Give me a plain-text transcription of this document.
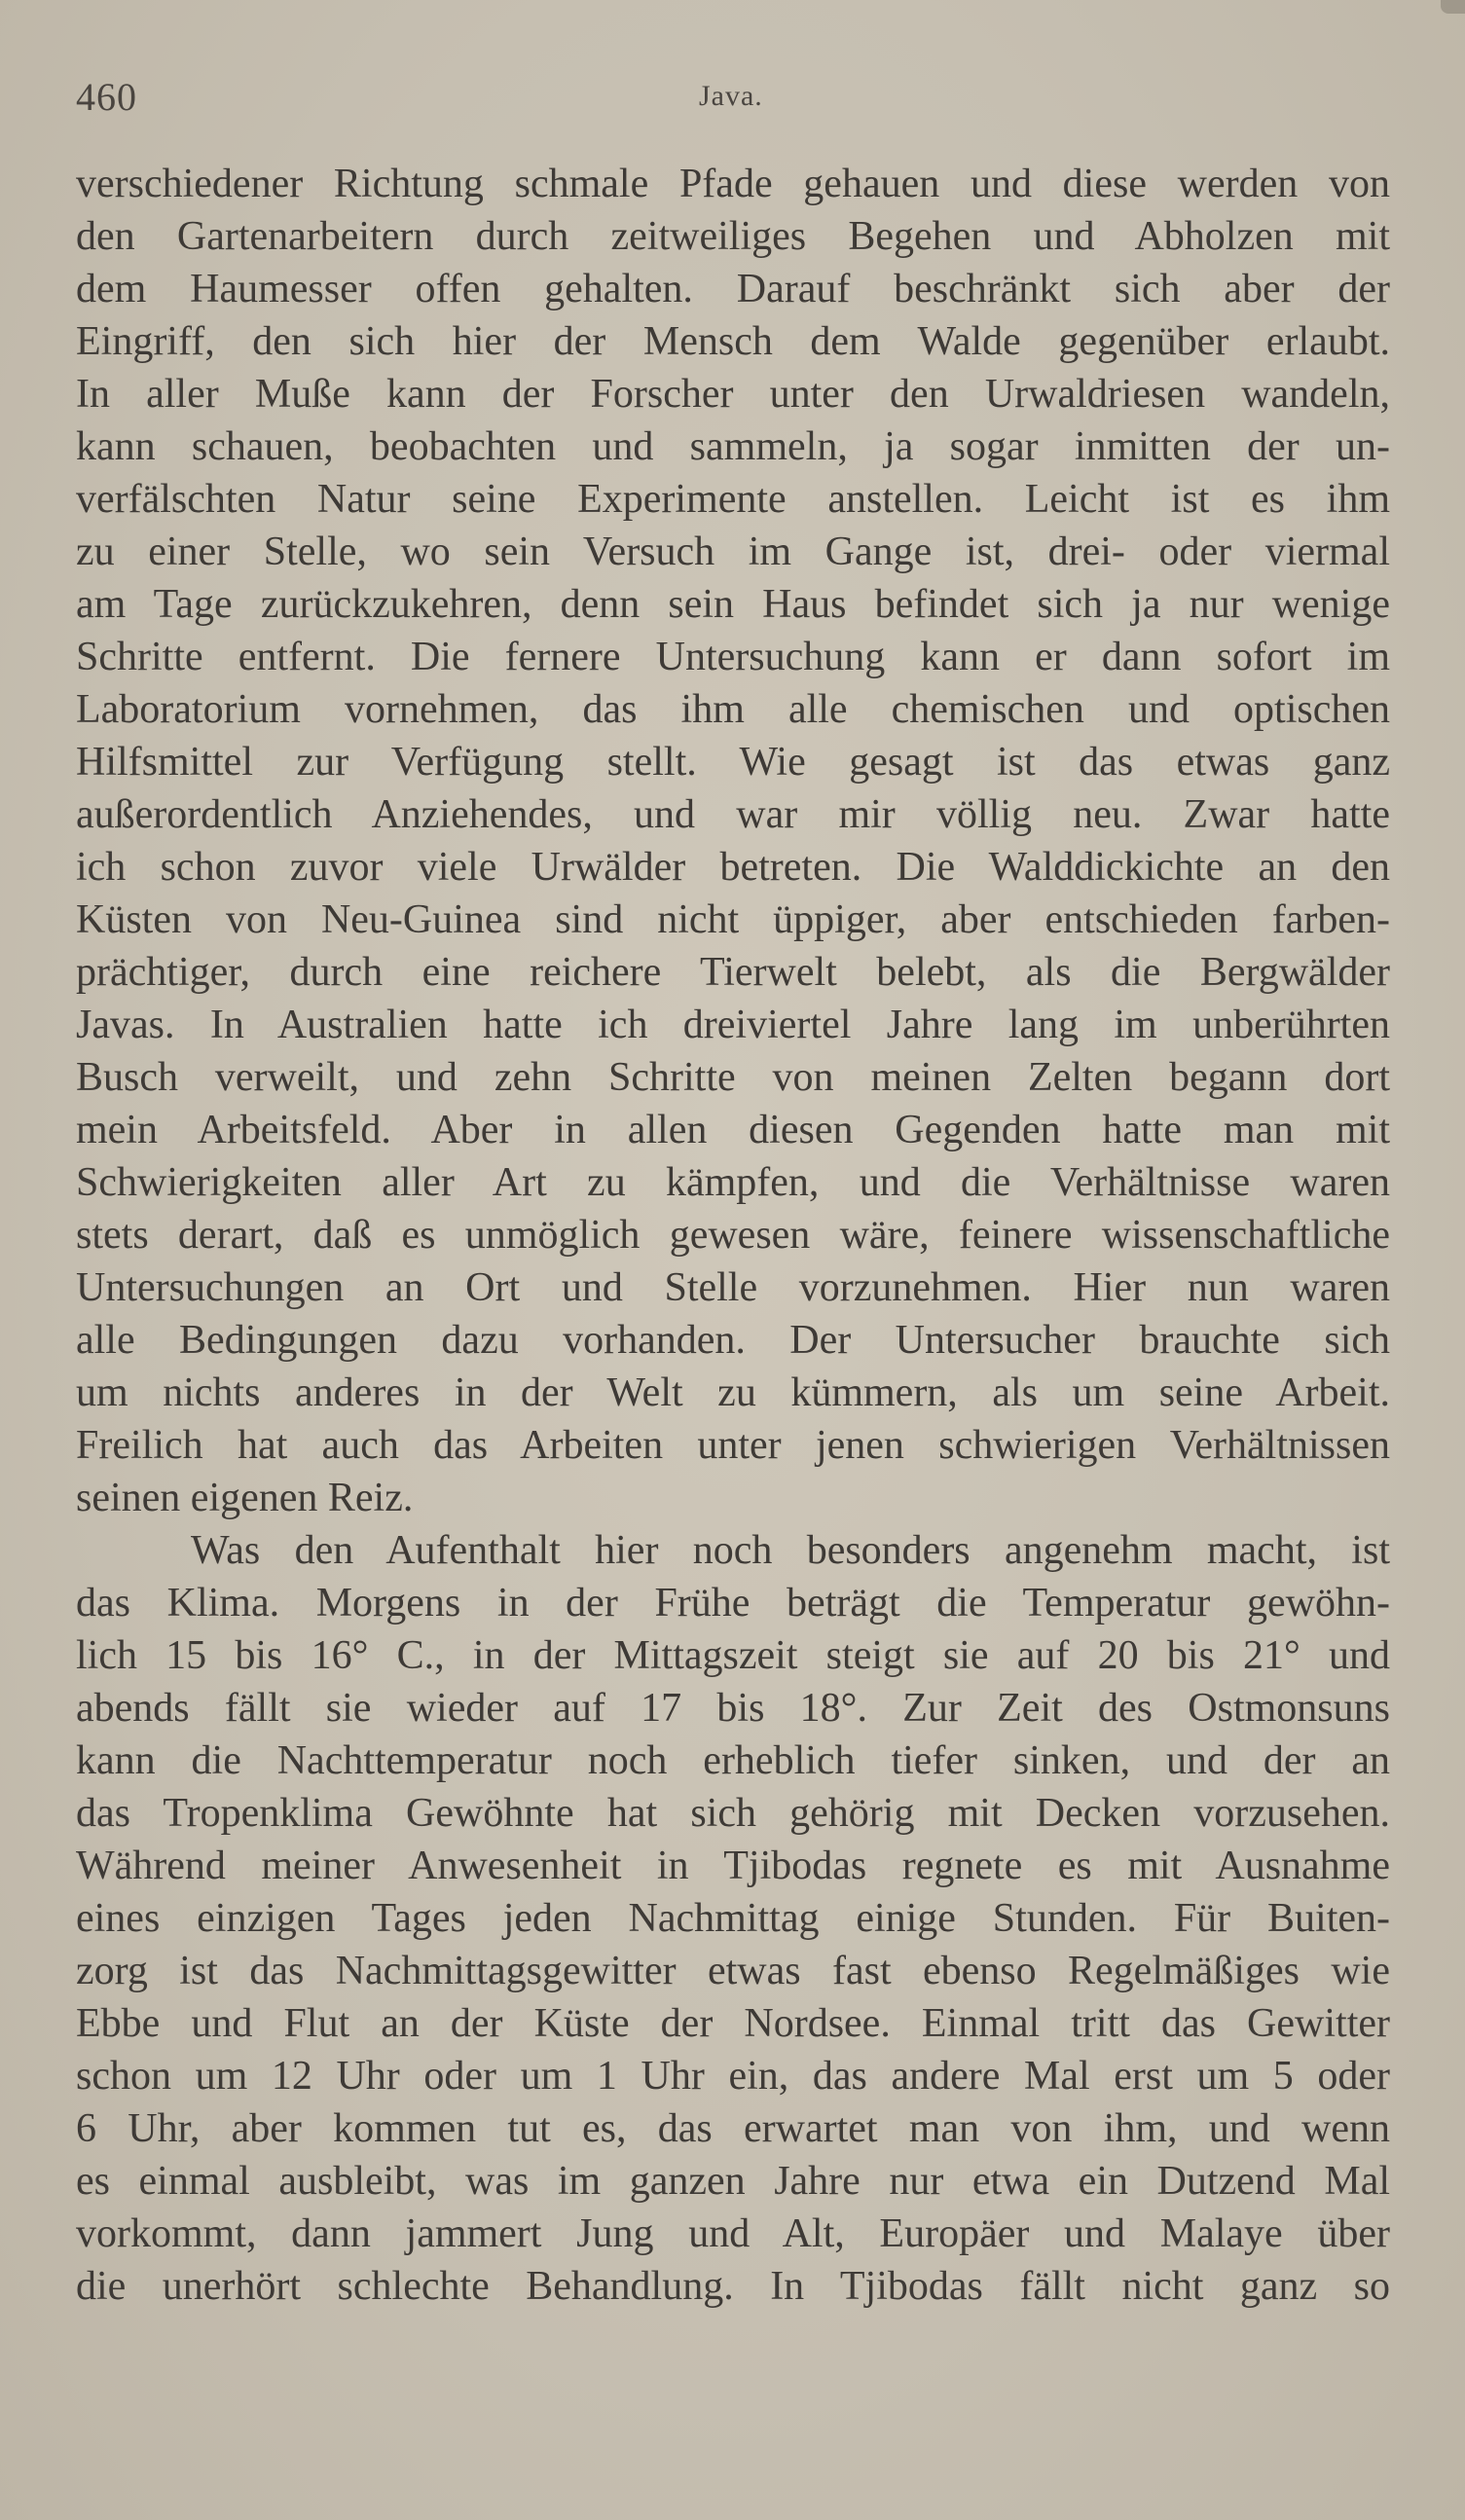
460	Java.
verschiedener Richtung schmale Pfade gehauen und diese werden von
den Gartenarbeitern durch zeitweiliges Begehen und Abholzen mit
dem Haumesser offen gehalten. Darauf beschränkt sich aber der
Eingriff, den sich hier der Mensch dem Walde gegenüber erlaubt.
In aller Muße kann der Forscher unter den Urwaldriesen wandeln,
kann schauen, beobachten und sammeln, ja sogar inmitten der un-
verfälschten Natur seine Experimente anstellen. Leicht ist es ihm
zu einer Stelle, wo sein Versuch im Gange ist, drei- oder viermal
am Tage zurückzukehren, denn sein Haus befindet sich ja nur wenige
Schritte entfernt. Die fernere Untersuchung kann er dann sofort im
Laboratorium vornehmen, das ihm alle chemischen und optischen
Hilfsmittel zur Verfügung stellt. Wie gesagt ist das etwas ganz
außerordentlich Anziehendes, und war mir völlig neu. Zwar hatte
ich schon zuvor viele Urwälder betreten. Die Walddickichte an den
Küsten von Neu-Guinea sind nicht üppiger, aber entschieden farben-
prächtiger, durch eine reichere Tierwelt belebt, als die Bergwälder
Javas. In Australien hatte ich dreiviertel Jahre lang im unberührten
Busch verweilt, und zehn Schritte von meinen Zelten begann dort
mein Arbeitsfeld. Aber in allen diesen Gegenden hatte man mit
Schwierigkeiten aller Art zu kämpfen, und die Verhältnisse waren
stets derart, daß es unmöglich gewesen wäre, feinere wissenschaftliche
Untersuchungen an Ort und Stelle vorzunehmen. Hier nun waren
alle Bedingungen dazu vorhanden. Der Untersucher brauchte sich
um nichts anderes in der Welt zu kümmern, als um seine Arbeit.
Freilich hat auch das Arbeiten unter jenen schwierigen Verhältnissen
seinen eigenen Reiz.
Was den Aufenthalt hier noch besonders angenehm macht, ist
das Klima. Morgens in der Frühe beträgt die Temperatur gewöhn-
lich 15 bis 16° C., in der Mittagszeit steigt sie auf 20 bis 21° und
abends fällt sie wieder auf 17 bis 18°. Zur Zeit des Ostmonsuns
kann die Nachttemperatur noch erheblich tiefer sinken, und der an
das Tropenklima Gewöhnte hat sich gehörig mit Decken vorzusehen.
Während meiner Anwesenheit in Tjibodas regnete es mit Ausnahme
eines einzigen Tages jeden Nachmittag einige Stunden. Für Buiten-
zorg ist das Nachmittagsgewitter etwas fast ebenso Regelmäßiges wie
Ebbe und Flut an der Küste der Nordsee. Einmal tritt das Gewitter
schon um 12 Uhr oder um 1 Uhr ein, das andere Mal erst um 5 oder
6 Uhr, aber kommen tut es, das erwartet man von ihm, und wenn
es einmal ausbleibt, was im ganzen Jahre nur etwa ein Dutzend Mal
vorkommt, dann jammert Jung und Alt, Europäer und Malaye über
die unerhört schlechte Behandlung. In Tjibodas fällt nicht ganz so
